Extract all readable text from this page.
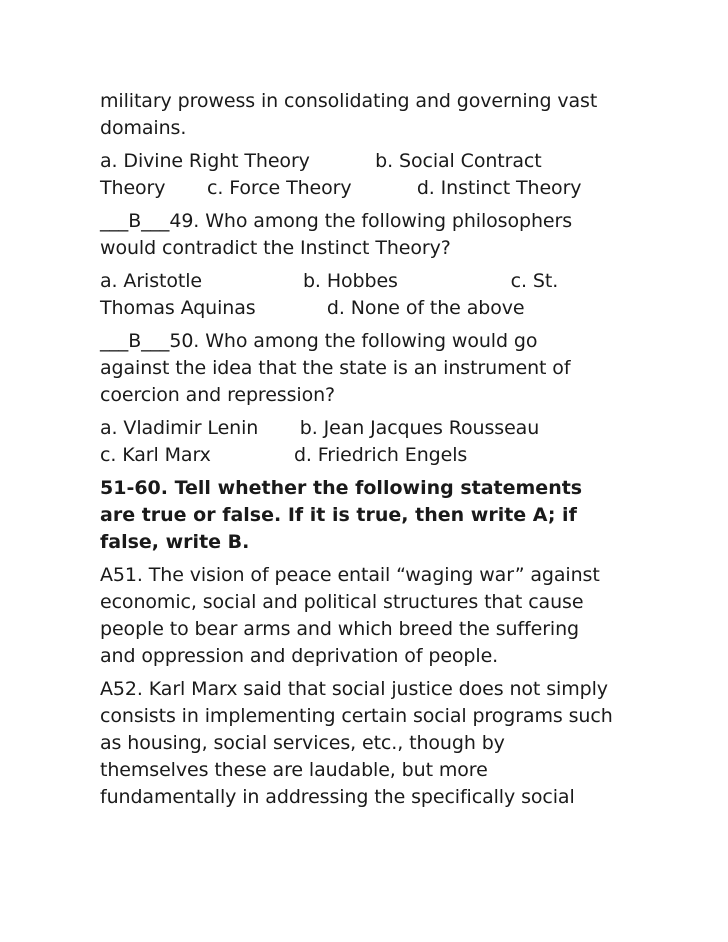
military prowess in consolidating and governing vast
domains.
a. Divine Right Theory           b. Social Contract
Theory       c. Force Theory           d. Instinct Theory
___B___49. Who among the following philosophers
would contradict the Instinct Theory?
a. Aristotle                 b. Hobbes                   c. St.
Thomas Aquinas            d. None of the above
___B___50. Who among the following would go
against the idea that the state is an instrument of
coercion and repression?
a. Vladimir Lenin       b. Jean Jacques Rousseau
c. Karl Marx              d. Friedrich Engels
51-60. Tell whether the following statements
are true or false. If it is true, then write A; if
false, write B.
A51. The vision of peace entail “waging war” against
economic, social and political structures that cause
people to bear arms and which breed the suffering
and oppression and deprivation of people.
A52. Karl Marx said that social justice does not simply
consists in implementing certain social programs such
as housing, social services, etc., though by
themselves these are laudable, but more
fundamentally in addressing the specifically social
